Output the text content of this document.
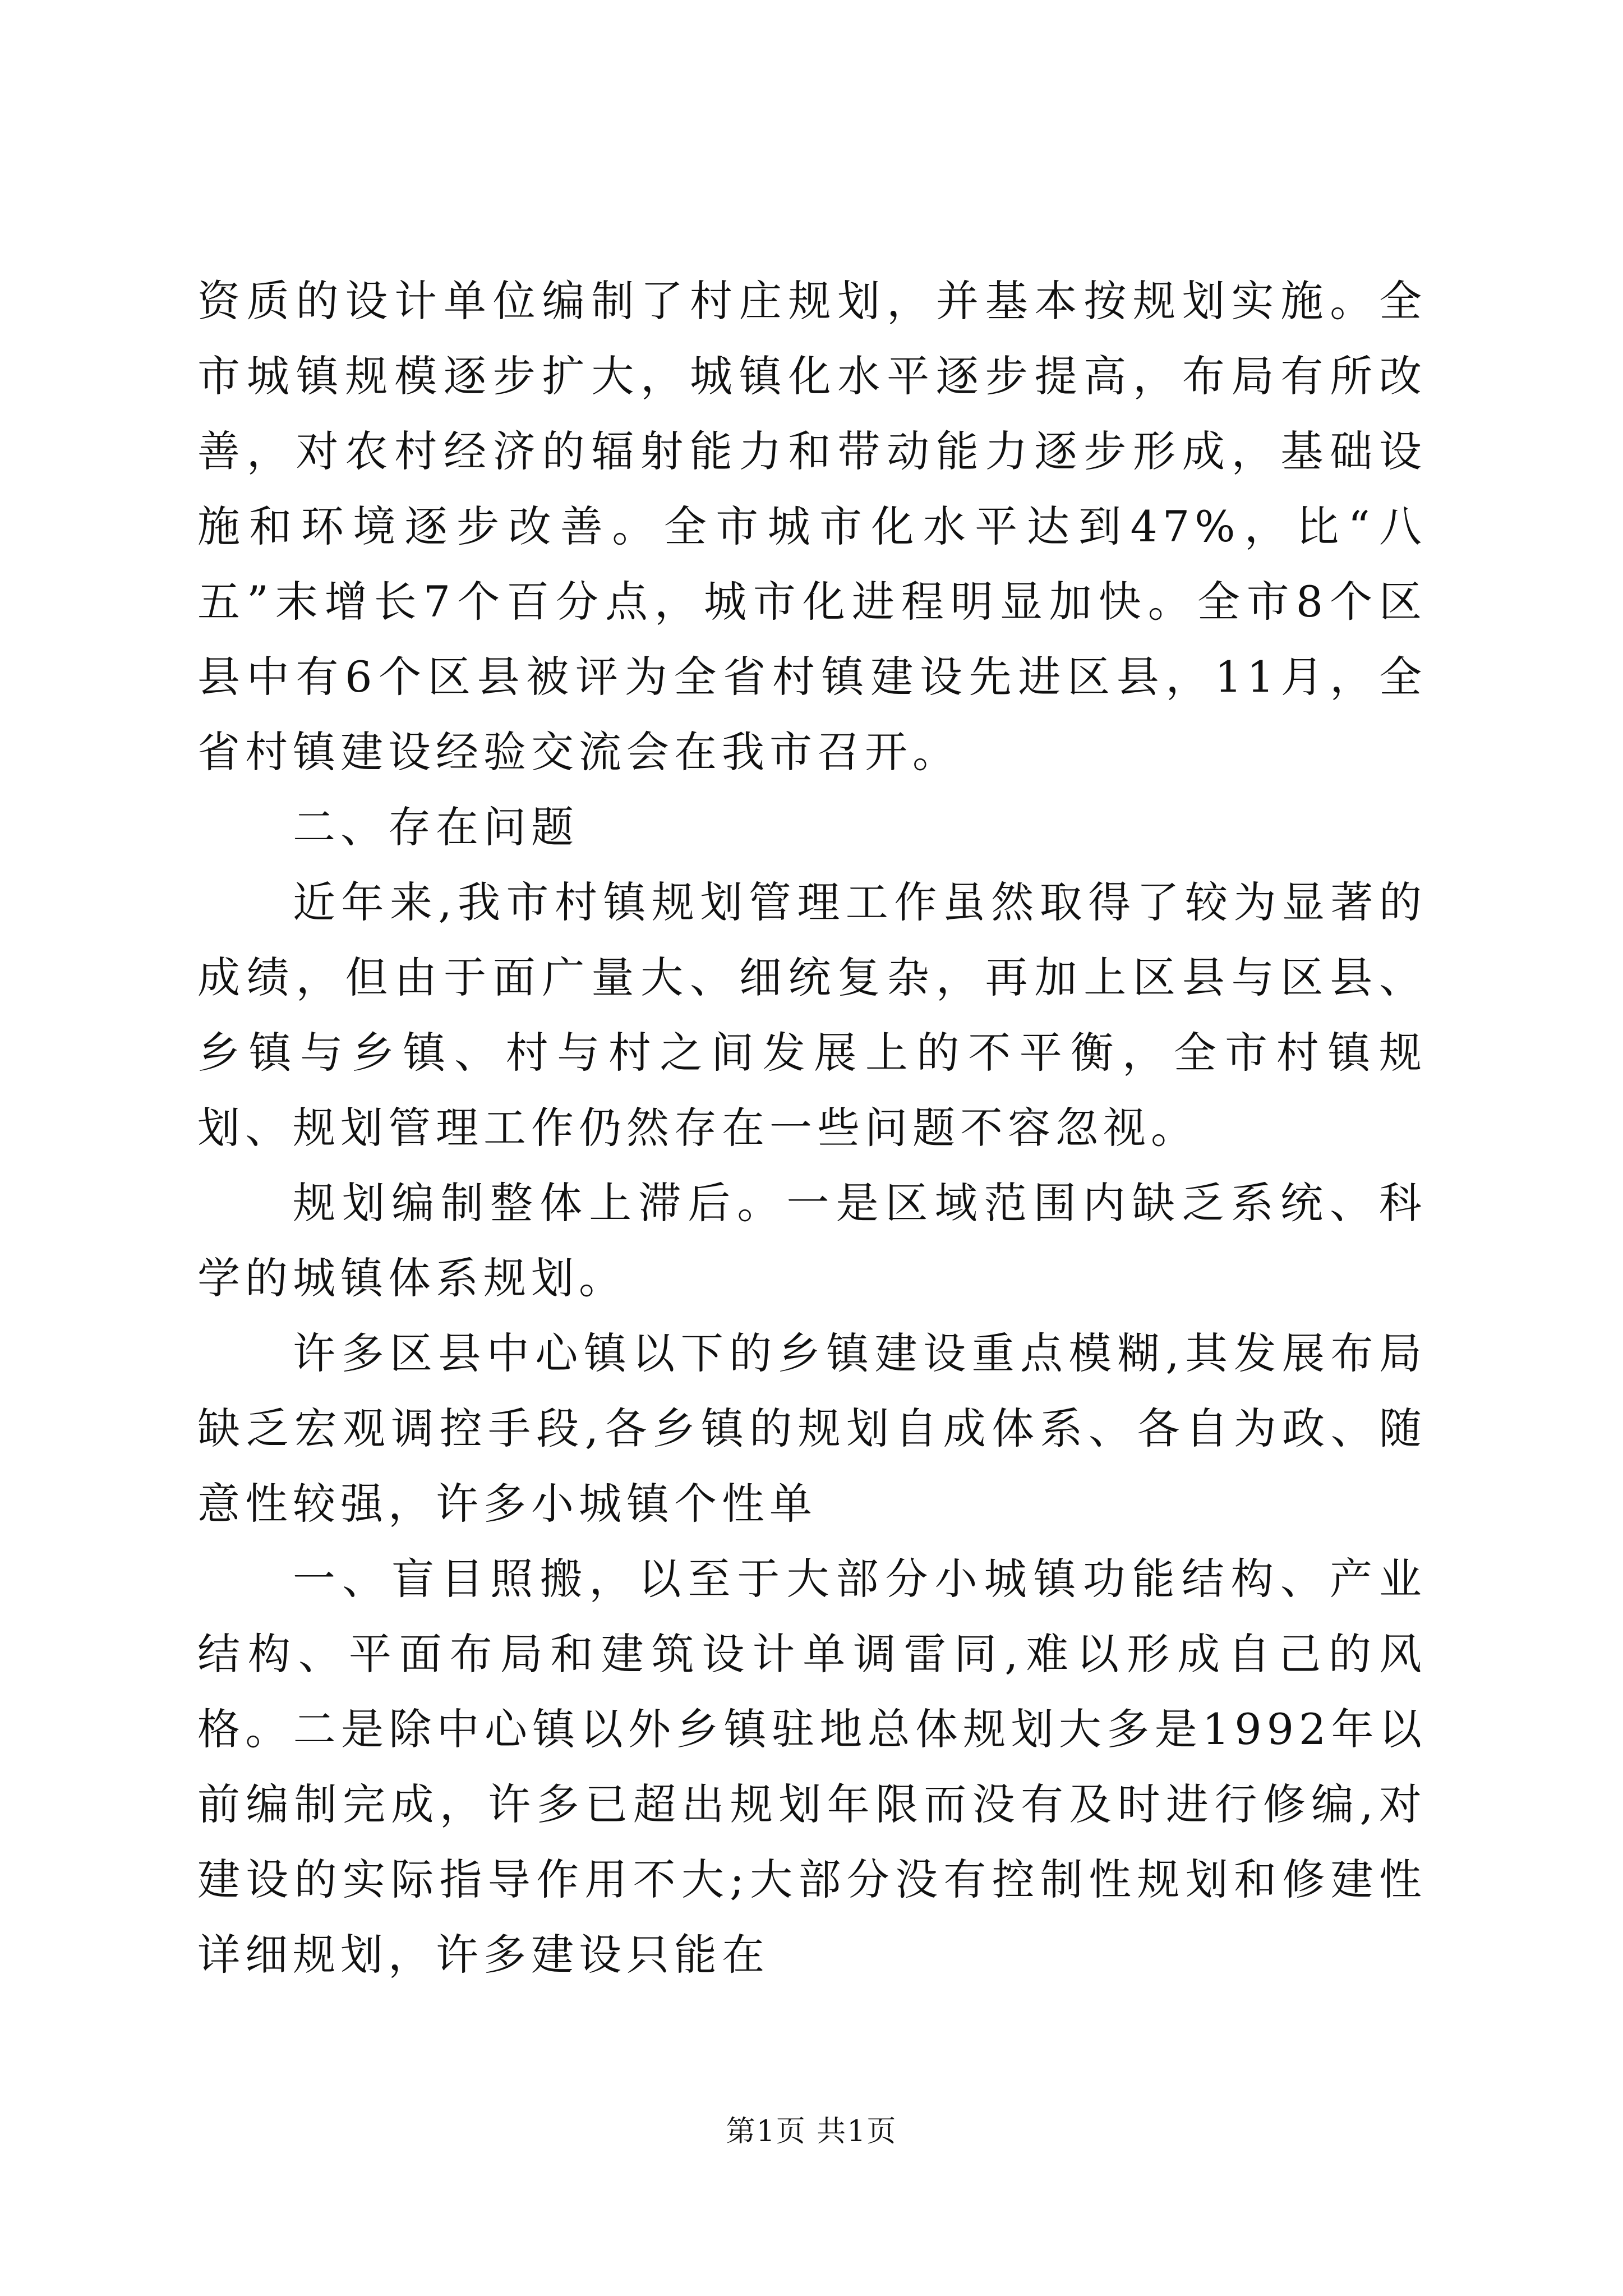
资质的设计单位编制了村庄规划，并基本按规划实施。全市城镇规模逐步扩大，城镇化水平逐步提高，布局有所改善，对农村经济的辐射能力和带动能力逐步形成，基础设施和环境逐步改善。全市城市化水平达到47%，比“八五”末增长7个百分点，城市化进程明显加快。全市8个区县中有6个区县被评为全省村镇建设先进区县，11月，全省村镇建设经验交流会在我市召开。

二、存在问题

近年来,我市村镇规划管理工作虽然取得了较为显著的成绩，但由于面广量大、细统复杂，再加上区县与区县、乡镇与乡镇、村与村之间发展上的不平衡，全市村镇规划、规划管理工作仍然存在一些问题不容忽视。

规划编制整体上滞后。一是区域范围内缺乏系统、科学的城镇体系规划。

许多区县中心镇以下的乡镇建设重点模糊,其发展布局缺乏宏观调控手段,各乡镇的规划自成体系、各自为政、随意性较强，许多小城镇个性单

一、盲目照搬，以至于大部分小城镇功能结构、产业结构、平面布局和建筑设计单调雷同,难以形成自己的风格。二是除中心镇以外乡镇驻地总体规划大多是1992年以前编制完成，许多已超出规划年限而没有及时进行修编,对建设的实际指导作用不大;大部分没有控制性规划和修建性详细规划，许多建设只能在

第1页 共1页
